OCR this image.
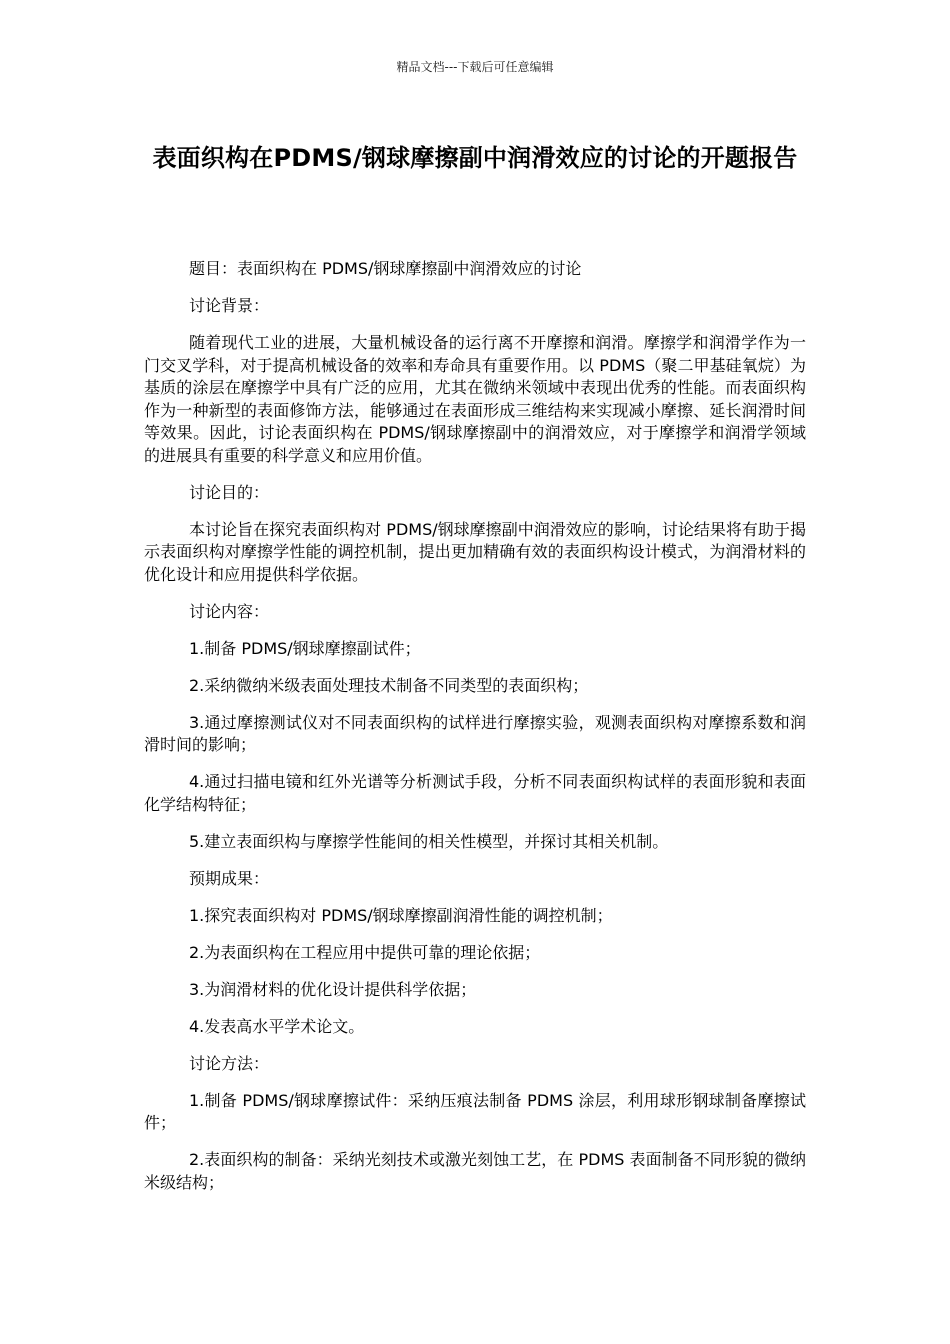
精品文档---下载后可任意编辑
表面织构在PDMS/钢球摩擦副中润滑效应的讨论的开题报告

题目：表面织构在 PDMS/钢球摩擦副中润滑效应的讨论

讨论背景：

随着现代工业的进展，大量机械设备的运行离不开摩擦和润滑。摩擦学和润滑学作为一门交叉学科，对于提高机械设备的效率和寿命具有重要作用。以 PDMS（聚二甲基硅氧烷）为基质的涂层在摩擦学中具有广泛的应用，尤其在微纳米领域中表现出优秀的性能。而表面织构作为一种新型的表面修饰方法，能够通过在表面形成三维结构来实现减小摩擦、延长润滑时间等效果。因此，讨论表面织构在 PDMS/钢球摩擦副中的润滑效应，对于摩擦学和润滑学领域的进展具有重要的科学意义和应用价值。

讨论目的：

本讨论旨在探究表面织构对 PDMS/钢球摩擦副中润滑效应的影响，讨论结果将有助于揭示表面织构对摩擦学性能的调控机制，提出更加精确有效的表面织构设计模式，为润滑材料的优化设计和应用提供科学依据。

讨论内容：

1.制备 PDMS/钢球摩擦副试件；

2.采纳微纳米级表面处理技术制备不同类型的表面织构；

3.通过摩擦测试仪对不同表面织构的试样进行摩擦实验，观测表面织构对摩擦系数和润滑时间的影响；

4.通过扫描电镜和红外光谱等分析测试手段，分析不同表面织构试样的表面形貌和表面化学结构特征；

5.建立表面织构与摩擦学性能间的相关性模型，并探讨其相关机制。

预期成果：

1.探究表面织构对 PDMS/钢球摩擦副润滑性能的调控机制；

2.为表面织构在工程应用中提供可靠的理论依据；

3.为润滑材料的优化设计提供科学依据；

4.发表高水平学术论文。

讨论方法：

1.制备 PDMS/钢球摩擦试件：采纳压痕法制备 PDMS 涂层，利用球形钢球制备摩擦试件；

2.表面织构的制备：采纳光刻技术或激光刻蚀工艺，在 PDMS 表面制备不同形貌的微纳米级结构；
